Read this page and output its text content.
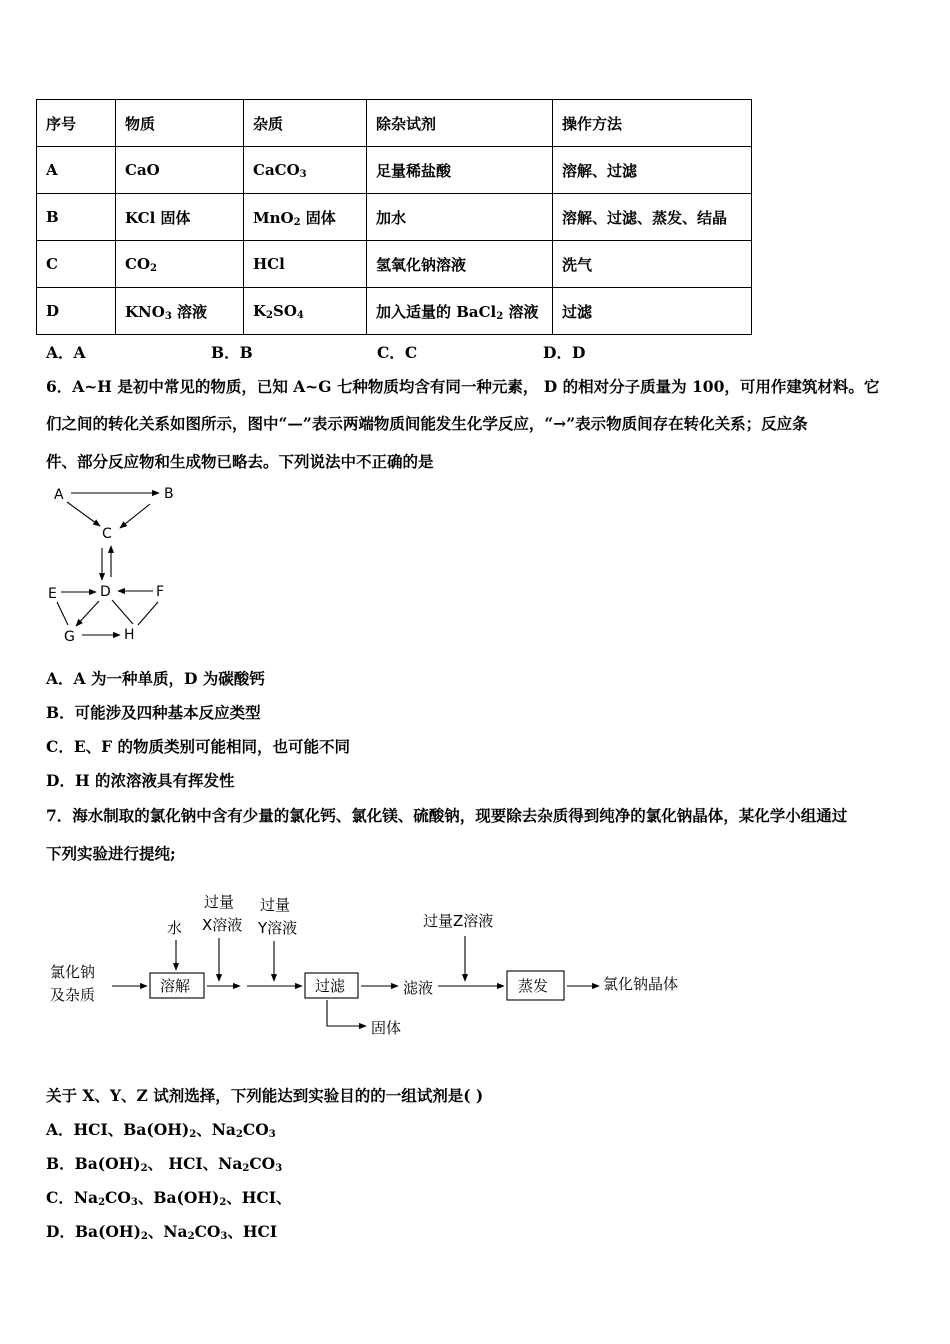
序号	物质	杂质	除杂试剂	操作方法
A	CaO	CaCO$_3$	足量稀盐酸	溶解、过滤
B	KCl 固体	MnO$_2$ 固体	加水	溶解、过滤、蒸发、结晶
C	$CO_2$	HCl	氢氧化钠溶液	洗气
D	$KNO_3$ 溶液	$K_2SO_4$	加入适量的 BaCl$_2$ 溶液	过滤
A．A	B．B	C．C	D．D
6．A~H 是初中常见的物质，已知 A~G 七种物质均含有同一种元素， D 的相对分子质量为 100，可用作建筑材料。它
们之间的转化关系如图所示，图中“—”表示两端物质间能发生化学反应，“→”表示物质间存在转化关系；反应条
件、部分反应物和生成物已略去。下列说法中不正确的是
A	B
C
D
E	F
G	H
A．A 为一种单质，D 为碳酸钙
B．可能涉及四种基本反应类型
C．E、F 的物质类别可能相同，也可能不同
D．H 的浓溶液具有挥发性
7．海水制取的氯化钠中含有少量的氯化钙、氯化镁、硫酸钠，现要除去杂质得到纯净的氯化钠晶体，某化学小组通过
下列实验进行提纯;
氯化钠
及杂质
水
溶解
过量
X溶液
过量
Y溶液
过滤	滤液
过量Z溶液
蒸发	氯化钠晶体
固体
关于 X、Y、Z 试剂选择，下列能达到实验目的的一组试剂是( )
A．HCI、$Ba(OH)_2$、$Na_2CO_3$
B．$Ba(OH)_2$、 HCI、$Na_2CO_3$
C．$Na_2CO_3$、$Ba(OH)_2$、HCI、
D．$Ba(OH)_2$、$Na_2CO_3$、HCI
